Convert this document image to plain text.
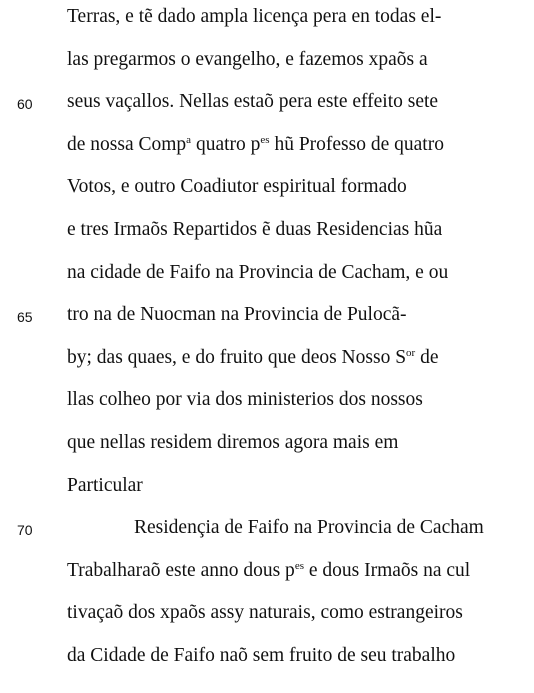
Terras, e tẽ dado ampla licença pera en todas el-
las pregarmos o evangelho, e fazemos xpaõs a
60 seus vaçallos. Nellas estaõ pera este effeito sete
de nossa Comp$^a$ quatro $p^{es}$ hũ Professo de quatro
Votos, e outro Coadiutor espiritual formado
e tres Irmaõs Repartidos ẽ duas Residencias hũa
na cidade de Faifo na Provincia de Cacham, e ou
65 tro na de Nuocman na Provincia de Pulocã-
by; das quaes, e do fruito que deos Nosso $S^{or}$ de
llas colheo por via dos ministerios dos nossos
que nellas residem diremos agora mais em
Particular
70	Residençia de Faifo na Provincia de Cacham
Trabalharaõ este anno dous $p^{es}$ e dous Irmaõs na cul
tivaçaõ dos xpaõs assy naturais, como estrangeiros
da Cidade de Faifo naõ sem fruito de seu trabalho
